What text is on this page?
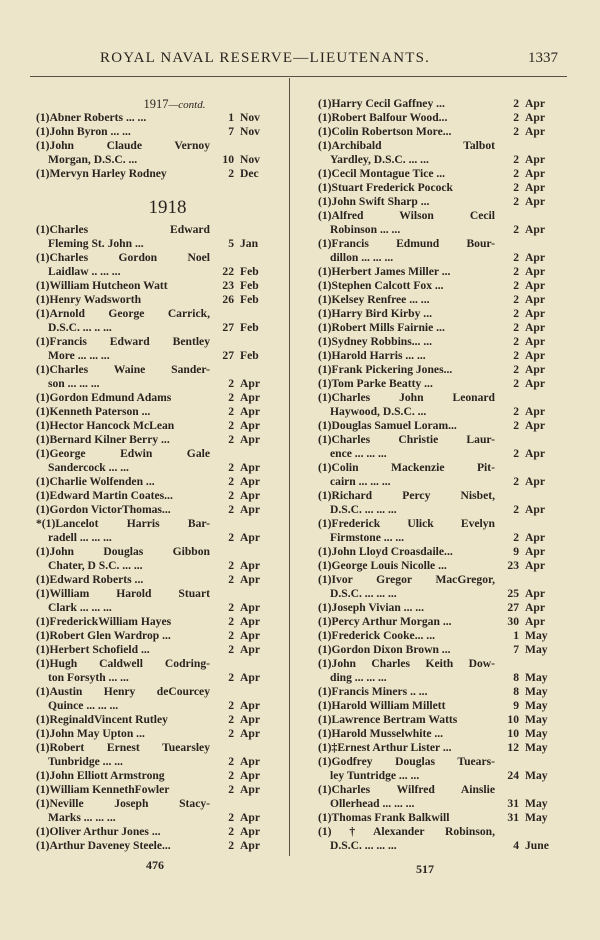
ROYAL NAVAL RESERVE—LIEUTENANTS.	1337
1917—contd.
(1)Abner Roberts ... ...	1 Nov
(1)John Byron ... ...	7 Nov
(1)John Claude Vernoy
Morgan, D.S.C. ...	10 Nov
(1)Mervyn Harley Rodney	2 Dec
1918
(1)Charles Edward
Fleming St. John ...	5 Jan
(1)Charles Gordon Noel
Laidlaw .. ... ...	22 Feb
(1)William Hutcheon Watt	23 Feb
(1)Henry Wadsworth	26 Feb
(1)Arnold George Carrick,
D.S.C. ... .. ...	27 Feb
(1)Francis Edward Bentley
More ... ... ...	27 Feb
(1)Charles Waine Sander-
son ... ... ...	2 Apr
(1)Gordon Edmund Adams	2 Apr
(1)Kenneth Paterson ...	2 Apr
(1)Hector Hancock McLean	2 Apr
(1)Bernard Kilner Berry ...	2 Apr
(1)George Edwin Gale
Sandercock ... ...	2 Apr
(1)Charlie Wolfenden ...	2 Apr
(1)Edward Martin Coates...	2 Apr
(1)Gordon VictorThomas...	2 Apr
*(1)Lancelot Harris Bar-
radell ... ... ...	2 Apr
(1)John Douglas Gibbon
Chater, D S.C. ... ...	2 Apr
(1)Edward Roberts ...	2 Apr
(1)William Harold Stuart
Clark ... ... ...	2 Apr
(1)FrederickWilliam Hayes	2 Apr
(1)Robert Glen Wardrop ...	2 Apr
(1)Herbert Schofield ...	2 Apr
(1)Hugh Caldwell Codring-
ton Forsyth ... ...	2 Apr
(1)Austin Henry deCourcey
Quince ... ... ...	2 Apr
(1)ReginaldVincent Rutley	2 Apr
(1)John May Upton ...	2 Apr
(1)Robert Ernest Tuearsley
Tunbridge ... ...	2 Apr
(1)John Elliott Armstrong	2 Apr
(1)William KennethFowler	2 Apr
(1)Neville Joseph Stacy-
Marks ... ... ...	2 Apr
(1)Oliver Arthur Jones ...	2 Apr
(1)Arthur Daveney Steele...	2 Apr
(1)Harry Cecil Gaffney ...	2 Apr
(1)Robert Balfour Wood...	2 Apr
(1)Colin Robertson More...	2 Apr
(1)Archibald Talbot
Yardley, D.S.C. ... ...	2 Apr
(1)Cecil Montague Tice ...	2 Apr
(1)Stuart Frederick Pocock	2 Apr
(1)John Swift Sharp ...	2 Apr
(1)Alfred Wilson Cecil
Robinson ... ...	2 Apr
(1)Francis Edmund Bour-
dillon ... ... ...	2 Apr
(1)Herbert James Miller ...	2 Apr
(1)Stephen Calcott Fox ...	2 Apr
(1)Kelsey Renfree ... ...	2 Apr
(1)Harry Bird Kirby ...	2 Apr
(1)Robert Mills Fairnie ...	2 Apr
(1)Sydney Robbins... ...	2 Apr
(1)Harold Harris ... ...	2 Apr
(1)Frank Pickering Jones...	2 Apr
(1)Tom Parke Beatty ...	2 Apr
(1)Charles John Leonard
Haywood, D.S.C. ...	2 Apr
(1)Douglas Samuel Loram...	2 Apr
(1)Charles Christie Laur-
ence ... ... ...	2 Apr
(1)Colin Mackenzie Pit-
cairn ... ... ...	2 Apr
(1)Richard Percy Nisbet,
D.S.C. ... ... ...	2 Apr
(1)Frederick Ulick Evelyn
Firmstone ... ...	2 Apr
(1)John Lloyd Croasdaile...	9 Apr
(1)George Louis Nicolle ...	23 Apr
(1)Ivor Gregor MacGregor,
D.S.C. ... ... ...	25 Apr
(1)Joseph Vivian ... ...	27 Apr
(1)Percy Arthur Morgan ...	30 Apr
(1)Frederick Cooke... ...	1 May
(1)Gordon Dixon Brown ...	7 May
(1)John Charles Keith Dow-
ding ... ... ...	8 May
(1)Francis Miners .. ...	8 May
(1)Harold William Millett	9 May
(1)Lawrence Bertram Watts	10 May
(1)Harold Musselwhite ...	10 May
(1)‡Ernest Arthur Lister ...	12 May
(1)Godfrey Douglas Tuears-
ley Tuntridge ... ...	24 May
(1)Charles Wilfred Ainslie
Ollerhead ... ... ...	31 May
(1)Thomas Frank Balkwill	31 May
(1)†Alexander Robinson,
D.S.C. ... ... ...	4 June
476	517
